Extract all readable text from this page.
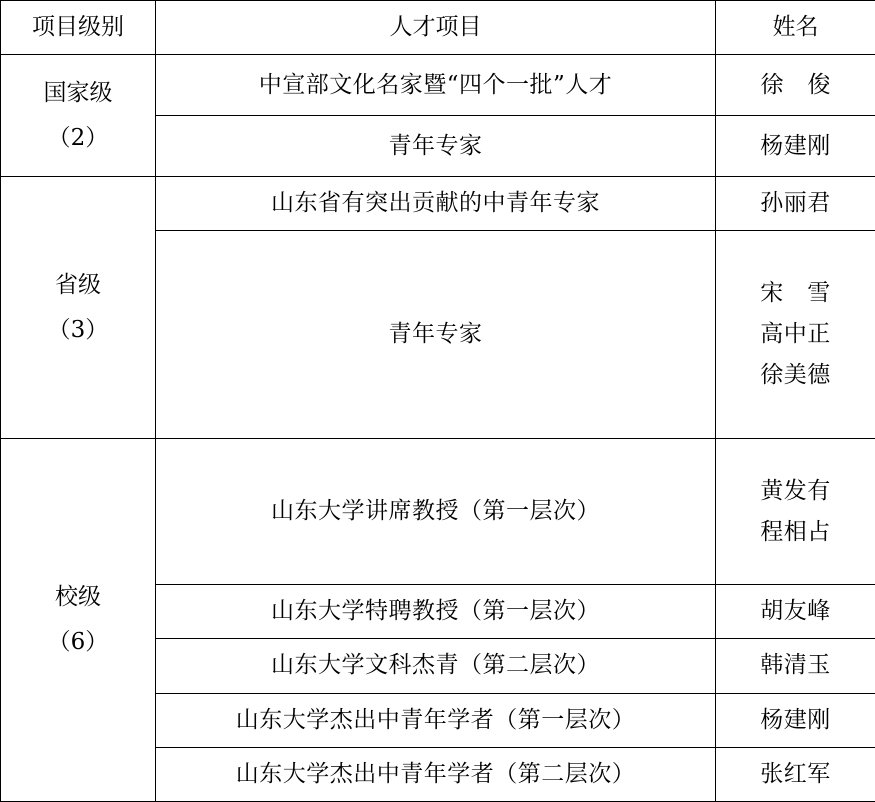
项目级别	人才项目	姓名

国家级
（2）	中宣部文化名家暨“四个一批”人才	徐 俊
	青年专家	杨建刚

省级
（3）	山东省有突出贡献的中青年专家	孙丽君
	青年专家	宋　雪
高中正
徐美德

校级
（6）	山东大学讲席教授（第一层次）	黄发有
程相占

	山东大学特聘教授（第一层次）	胡友峰
	山东大学文科杰青（第二层次）	韩清玉
	山东大学杰出中青年学者（第一层次）	杨建刚
	山东大学杰出中青年学者（第二层次）	张红军
